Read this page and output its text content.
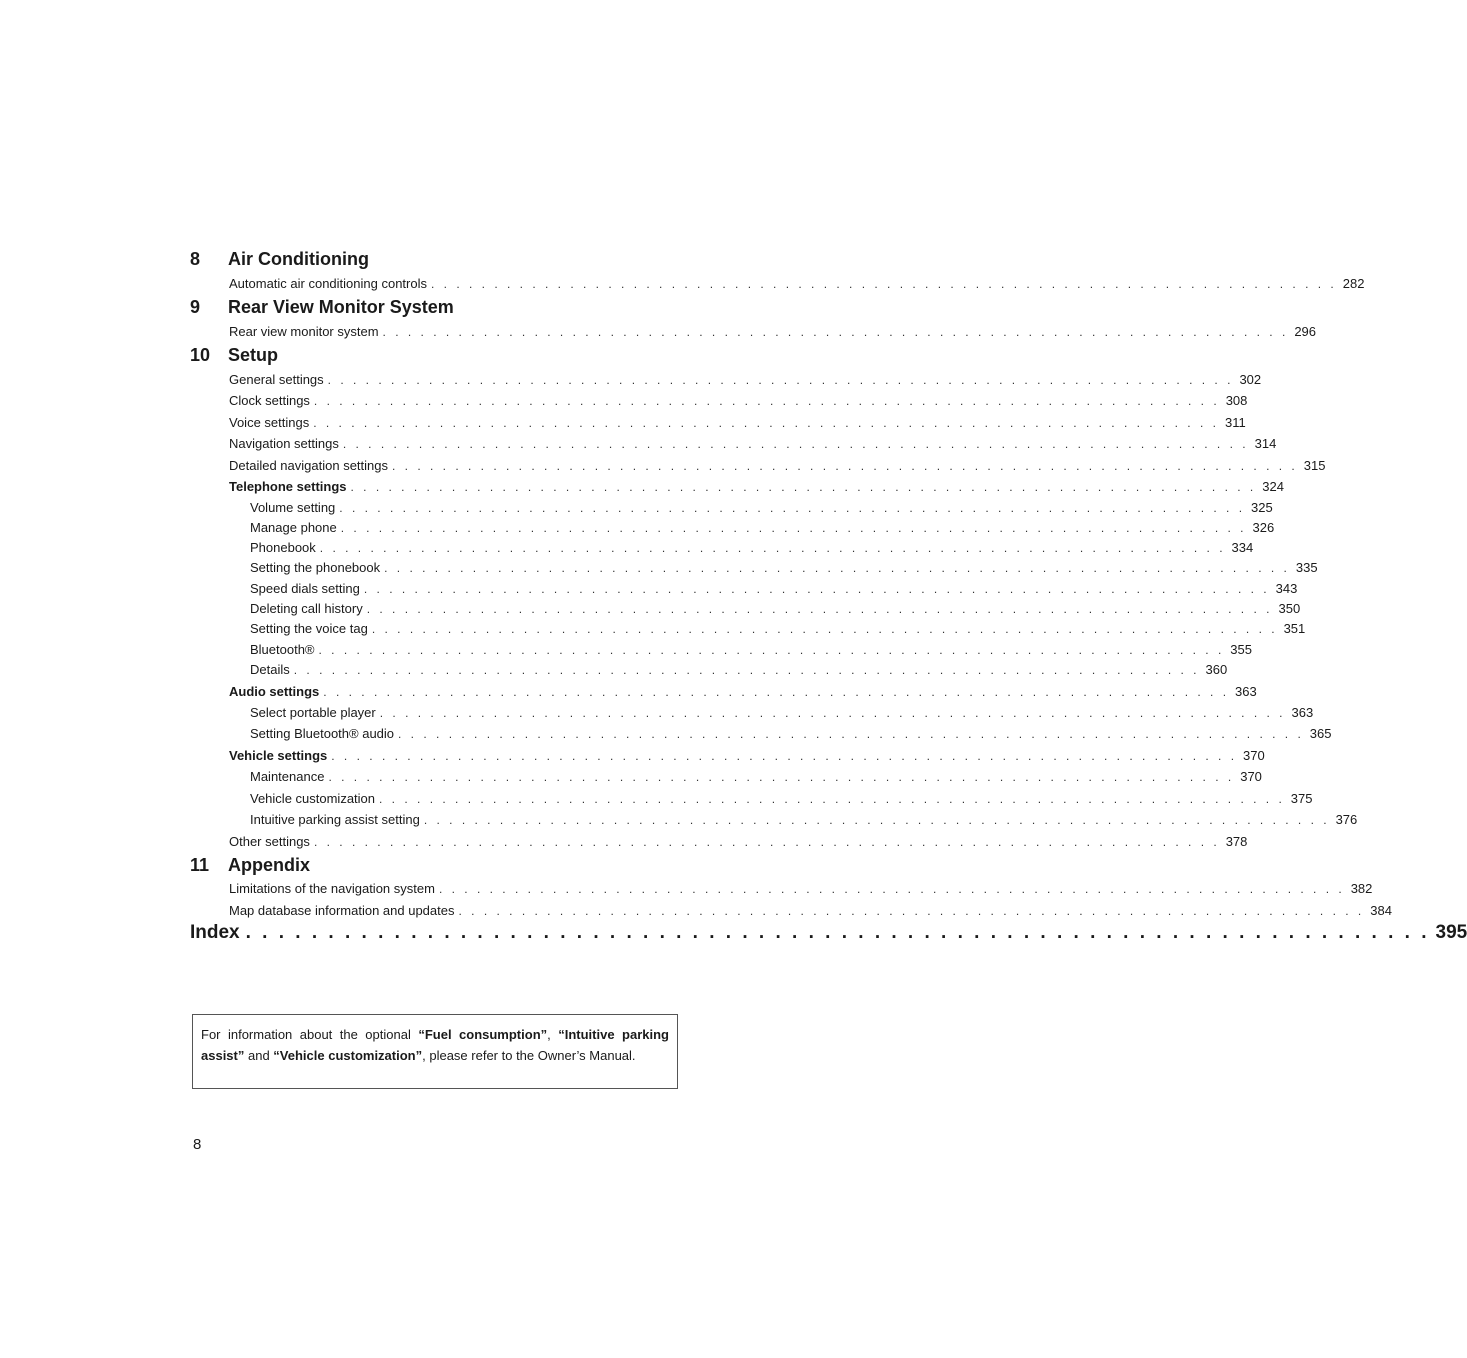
8 Air Conditioning
Automatic air conditioning controls . . . . . . . . . . . . . . . . . . . . . . . . . . . . . . . . . . . . . . . . . . . . . . . . . . . . . . . . . . . . . . . . . . . . . . . . 282
9 Rear View Monitor System
Rear view monitor system . . . . . . . . . . . . . . . . . . . . . . . . . . . . . . . . . . . . . . . . . . . . . . . . . . . . . . . . . . . . . . . . . . . . . . . . 296
10 Setup
General settings . . . . . . . . . . . . . . . . . . . . . . . . . . . . . . . . . . . . . . . . . . . . . . . . . . . . . . . . . . . . . . . . . . . . . . . . 302
Clock settings . . . . . . . . . . . . . . . . . . . . . . . . . . . . . . . . . . . . . . . . . . . . . . . . . . . . . . . . . . . . . . . . . . . . . . . . 308
Voice settings . . . . . . . . . . . . . . . . . . . . . . . . . . . . . . . . . . . . . . . . . . . . . . . . . . . . . . . . . . . . . . . . . . . . . . . . 311
Navigation settings . . . . . . . . . . . . . . . . . . . . . . . . . . . . . . . . . . . . . . . . . . . . . . . . . . . . . . . . . . . . . . . . . . . . . . . . 314
Detailed navigation settings . . . . . . . . . . . . . . . . . . . . . . . . . . . . . . . . . . . . . . . . . . . . . . . . . . . . . . . . . . . . . . . . . . . . . . . . 315
Telephone settings . . . . . . . . . . . . . . . . . . . . . . . . . . . . . . . . . . . . . . . . . . . . . . . . . . . . . . . . . . . . . . . . . . . . . . . . 324
Volume setting . . . . . . . . . . . . . . . . . . . . . . . . . . . . . . . . . . . . . . . . . . . . . . . . . . . . . . . . . . . . . . . . . . . . . . . . 325
Manage phone . . . . . . . . . . . . . . . . . . . . . . . . . . . . . . . . . . . . . . . . . . . . . . . . . . . . . . . . . . . . . . . . . . . . . . . . 326
Phonebook . . . . . . . . . . . . . . . . . . . . . . . . . . . . . . . . . . . . . . . . . . . . . . . . . . . . . . . . . . . . . . . . . . . . . . . . 334
Setting the phonebook . . . . . . . . . . . . . . . . . . . . . . . . . . . . . . . . . . . . . . . . . . . . . . . . . . . . . . . . . . . . . . . . . . . . . . . . 335
Speed dials setting . . . . . . . . . . . . . . . . . . . . . . . . . . . . . . . . . . . . . . . . . . . . . . . . . . . . . . . . . . . . . . . . . . . . . . . . 343
Deleting call history . . . . . . . . . . . . . . . . . . . . . . . . . . . . . . . . . . . . . . . . . . . . . . . . . . . . . . . . . . . . . . . . . . . . . . . . 350
Setting the voice tag . . . . . . . . . . . . . . . . . . . . . . . . . . . . . . . . . . . . . . . . . . . . . . . . . . . . . . . . . . . . . . . . . . . . . . . . 351
Bluetooth® . . . . . . . . . . . . . . . . . . . . . . . . . . . . . . . . . . . . . . . . . . . . . . . . . . . . . . . . . . . . . . . . . . . . . . . . 355
Details . . . . . . . . . . . . . . . . . . . . . . . . . . . . . . . . . . . . . . . . . . . . . . . . . . . . . . . . . . . . . . . . . . . . . . . . 360
Audio settings . . . . . . . . . . . . . . . . . . . . . . . . . . . . . . . . . . . . . . . . . . . . . . . . . . . . . . . . . . . . . . . . . . . . . . . . 363
Select portable player . . . . . . . . . . . . . . . . . . . . . . . . . . . . . . . . . . . . . . . . . . . . . . . . . . . . . . . . . . . . . . . . . . . . . . . . 363
Setting Bluetooth® audio . . . . . . . . . . . . . . . . . . . . . . . . . . . . . . . . . . . . . . . . . . . . . . . . . . . . . . . . . . . . . . . . . . . . . . . . 365
Vehicle settings . . . . . . . . . . . . . . . . . . . . . . . . . . . . . . . . . . . . . . . . . . . . . . . . . . . . . . . . . . . . . . . . . . . . . . . . 370
Maintenance . . . . . . . . . . . . . . . . . . . . . . . . . . . . . . . . . . . . . . . . . . . . . . . . . . . . . . . . . . . . . . . . . . . . . . . . 370
Vehicle customization . . . . . . . . . . . . . . . . . . . . . . . . . . . . . . . . . . . . . . . . . . . . . . . . . . . . . . . . . . . . . . . . . . . . . . . . 375
Intuitive parking assist setting . . . . . . . . . . . . . . . . . . . . . . . . . . . . . . . . . . . . . . . . . . . . . . . . . . . . . . . . . . . . . . . . . . . . . . . . 376
Other settings . . . . . . . . . . . . . . . . . . . . . . . . . . . . . . . . . . . . . . . . . . . . . . . . . . . . . . . . . . . . . . . . . . . . . . . . 378
11 Appendix
Limitations of the navigation system . . . . . . . . . . . . . . . . . . . . . . . . . . . . . . . . . . . . . . . . . . . . . . . . . . . . . . . . . . . . . . . . . . . . . . . . 382
Map database information and updates . . . . . . . . . . . . . . . . . . . . . . . . . . . . . . . . . . . . . . . . . . . . . . . . . . . . . . . . . . . . . . . . . . . . . . . . 384
Index . . . . . . . . . . . . . . . . . . . . . . . . . . . . . . . . . . . . . . . . . . . . . . . . . . . . . . . . . . . . . . . . . . . . . . . . 395
For information about the optional “Fuel consumption”, “Intuitive parking assist” and “Vehicle customization”, please refer to the Owner’s Manual.
8
